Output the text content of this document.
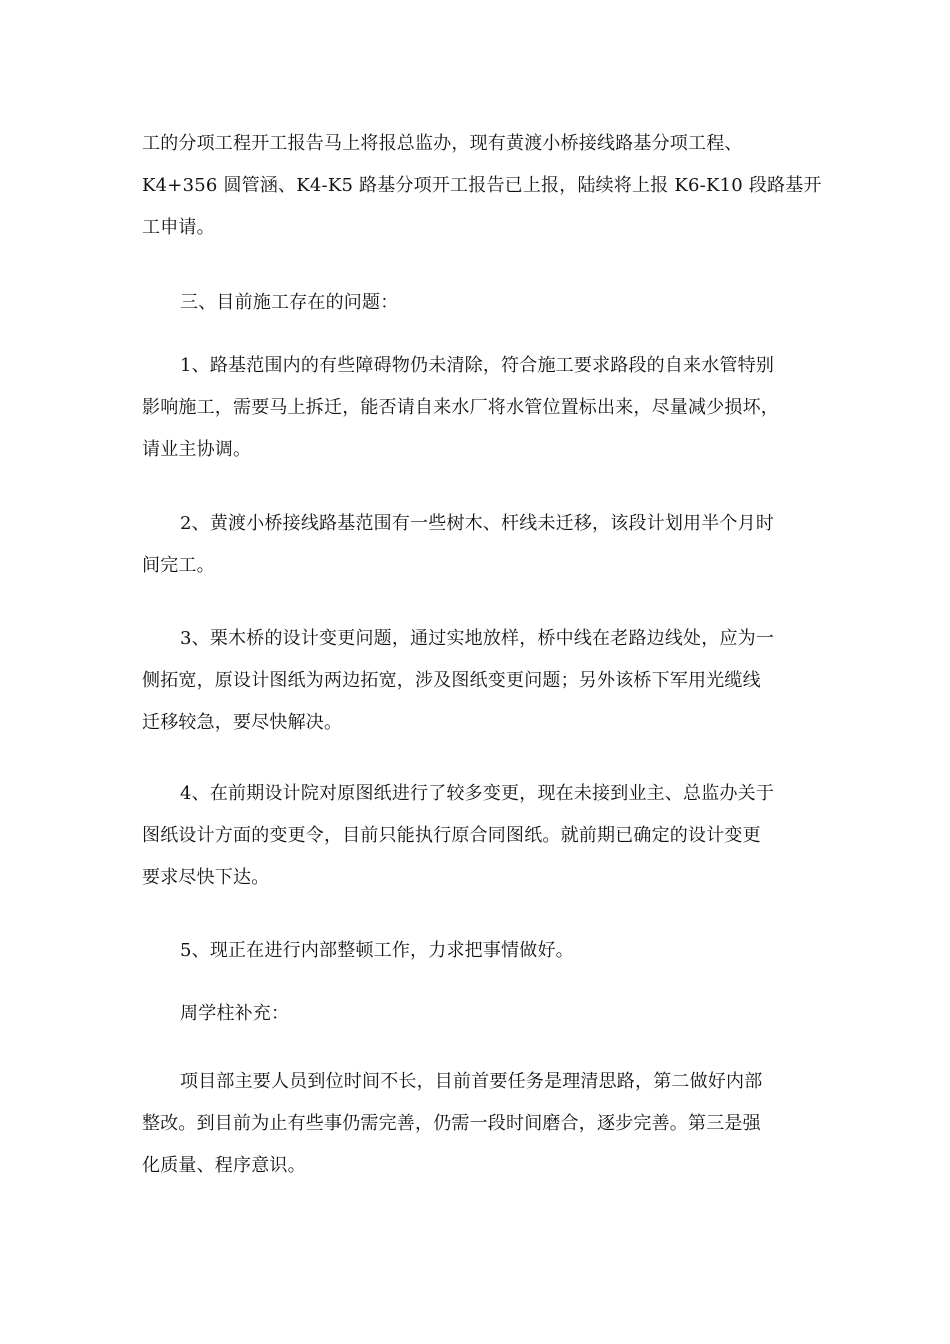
工的分项工程开工报告马上将报总监办，现有黄渡小桥接线路基分项工程、
K4+356 圆管涵、K4-K5 路基分项开工报告已上报，陆续将上报 K6-K10 段路基开
工申请。

三、目前施工存在的问题：

1、路基范围内的有些障碍物仍未清除，符合施工要求路段的自来水管特别
影响施工，需要马上拆迁，能否请自来水厂将水管位置标出来，尽量减少损坏，
请业主协调。

2、黄渡小桥接线路基范围有一些树木、杆线未迁移，该段计划用半个月时
间完工。

3、栗木桥的设计变更问题，通过实地放样，桥中线在老路边线处，应为一
侧拓宽，原设计图纸为两边拓宽，涉及图纸变更问题；另外该桥下军用光缆线
迁移较急，要尽快解决。

4、在前期设计院对原图纸进行了较多变更，现在未接到业主、总监办关于
图纸设计方面的变更令，目前只能执行原合同图纸。就前期已确定的设计变更
要求尽快下达。

5、现正在进行内部整顿工作，力求把事情做好。

周学柱补充：

项目部主要人员到位时间不长，目前首要任务是理清思路，第二做好内部
整改。到目前为止有些事仍需完善，仍需一段时间磨合，逐步完善。第三是强
化质量、程序意识。
